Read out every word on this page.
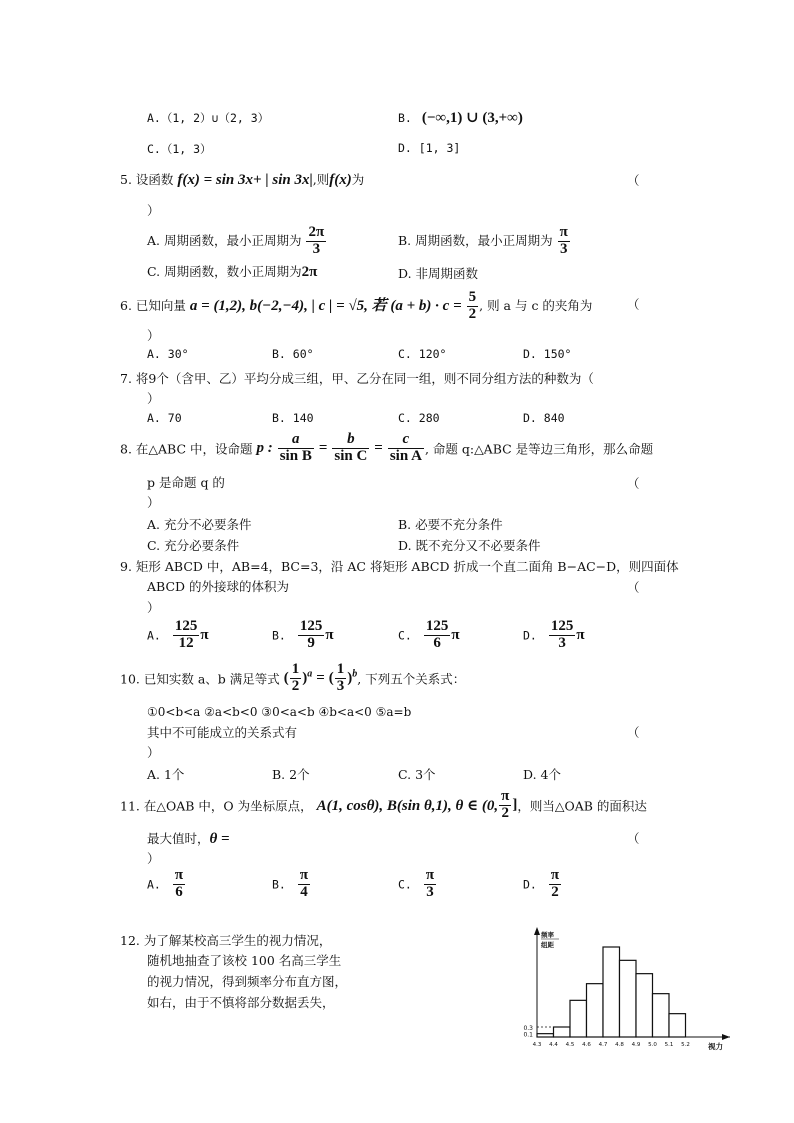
A.（1, 2）∪（2, 3）	B. (−∞,1) ∪ (3,+∞)
C.（1, 3）	D. [1, 3]
5. 设函数 f(x) = sin 3x+ | sin 3x|,则f(x)为	（
）
A. 周期函数，最小正周期为 $\frac{2\pi}{3}$	B. 周期函数，最小正周期为 $\frac{\pi}{3}$
C. 周期函数，数小正周期为2π	D. 非周期函数
6. 已知向量 a = (1,2), b(−2,−4), | c | = √5, 若 $(a + b) \cdot c = \frac{5}{2}$ , 则 a 与 c 的夹角为	（
）
A. 30°	B. 60°	C. 120°	D. 150°
7. 将9个（含甲、乙）平均分成三组，甲、乙分在同一组，则不同分组方法的种数为（
）
A. 70	B. 140	C. 280	D. 840
8. 在△ABC 中，设命题 p : $\frac{a}{\text{sin B}} = \frac{b}{\text{sin C}} = \frac{c}{\text{sin A}}$ , 命题 q:△ABC 是等边三角形，那么命题
p 是命题 q 的	（
）
A. 充分不必要条件	B. 必要不充分条件
C. 充分必要条件	D. 既不充分又不必要条件
9. 矩形 ABCD 中，AB=4，BC=3，沿 AC 将矩形 ABCD 折成一个直二面角 B−AC−D，则四面体
ABCD 的外接球的体积为	（
）
A. $\frac{125}{12}$ π	B. $\frac{125}{9}$ π	C. $\frac{125}{6}$ π	D. $\frac{125}{3}$ π
10. 已知实数 a、b 满足等式 ( $\frac{1}{2} )^a$ = ( $\frac{1}{3} )^b$, 下列五个关系式：
①0<b<a ②a<b<0 ③0<a<b ④b<a<0 ⑤a=b
其中不可能成立的关系式有	（
）
A. 1个	B. 2个	C. 3个	D. 4个
11. 在△OAB 中，O 为坐标原点， A(1, cosθ), B(sin θ,1), θ ∈ (0, $\frac{\pi}{2}$ ]，则当△OAB 的面积达
最大值时，θ =	（
）
A. $\frac{\pi}{6}$	B. $\frac{\pi}{4}$	C. $\frac{\pi}{3}$	D. $\frac{\pi}{2}$
12. 为了解某校高三学生的视力情况，
随机地抽查了该校 100 名高三学生
的视力情况，得到频率分布直方图，
如右，由于不慎将部分数据丢失，
0.3
0.1
4.3 4.4 4.5 4.6 4.7 4.8 4.9 5.0 5.1 5.2
频率
组距
视力
